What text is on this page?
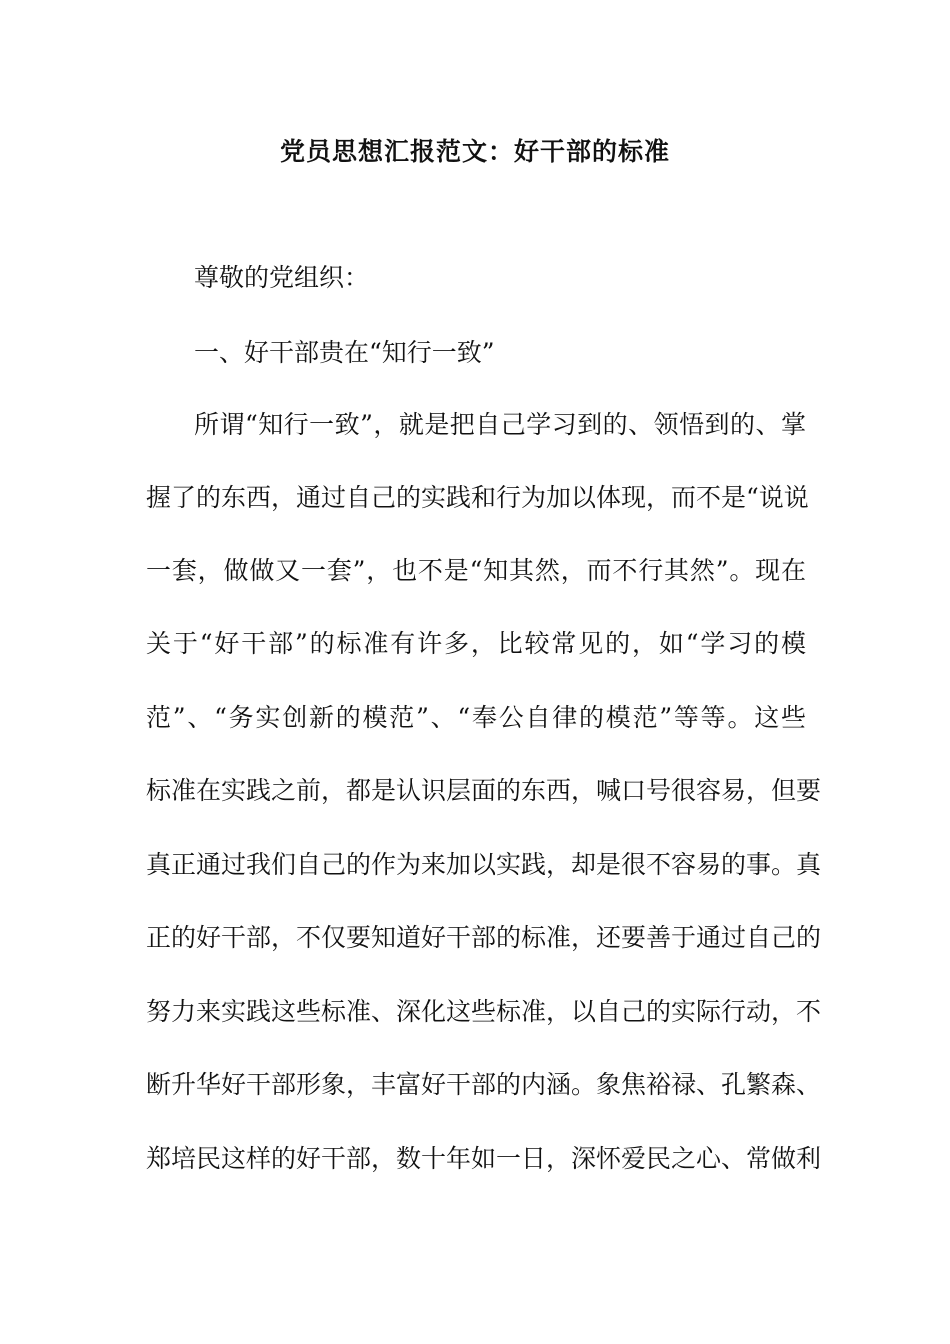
党员思想汇报范文：好干部的标准
尊敬的党组织：
一、好干部贵在“知行一致”
所谓“知行一致”，就是把自己学习到的、领悟到的、掌
握了的东西，通过自己的实践和行为加以体现，而不是“说说
一套，做做又一套”，也不是“知其然，而不行其然”。现在
关于“好干部”的标准有许多，比较常见的，如“学习的模
范”、“务实创新的模范”、“奉公自律的模范”等等。这些
标准在实践之前，都是认识层面的东西，喊口号很容易，但要
真正通过我们自己的作为来加以实践，却是很不容易的事。真
正的好干部，不仅要知道好干部的标准，还要善于通过自己的
努力来实践这些标准、深化这些标准，以自己的实际行动，不
断升华好干部形象，丰富好干部的内涵。象焦裕禄、孔繁森、
郑培民这样的好干部，数十年如一日，深怀爱民之心、常做利
